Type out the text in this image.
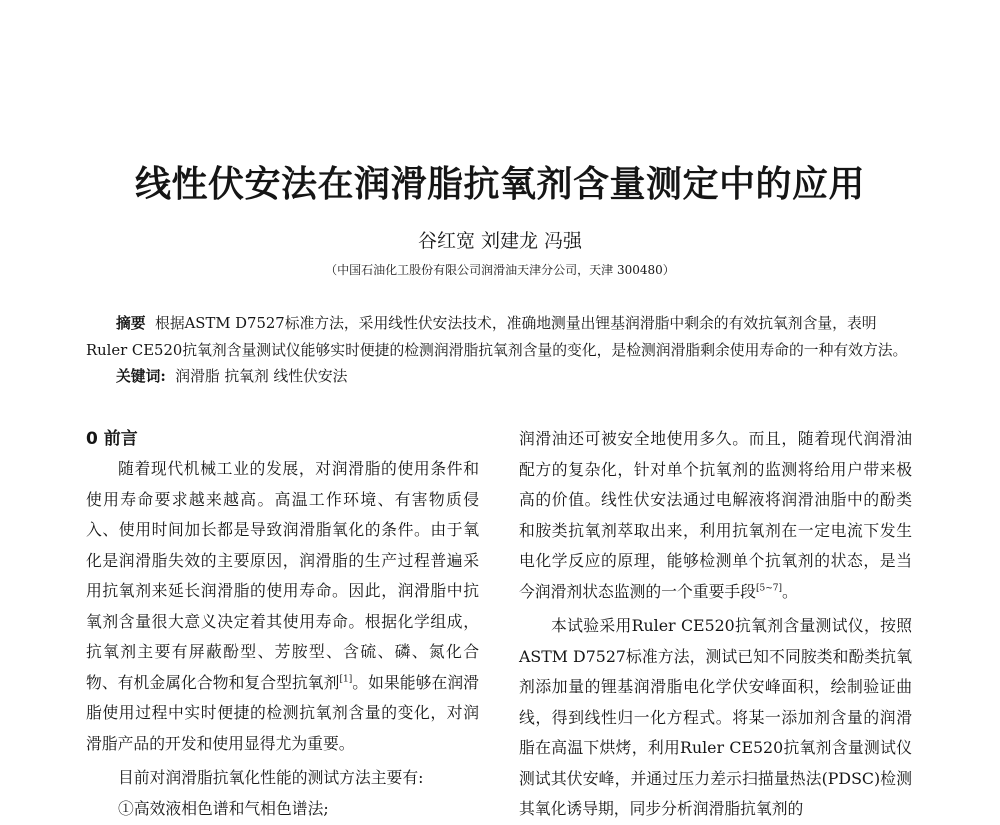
线性伏安法在润滑脂抗氧剂含量测定中的应用
谷红宽 刘建龙 冯强
（中国石油化工股份有限公司润滑油天津分公司，天津 300480）

摘要 根据ASTM D7527标准方法，采用线性伏安法技术，准确地测量出锂基润滑脂中剩余的有效抗氧剂含量，表明Ruler CE520抗氧剂含量测试仪能够实时便捷的检测润滑脂抗氧剂含量的变化，是检测润滑脂剩余使用寿命的一种有效方法。

关键词: 润滑脂 抗氧剂 线性伏安法
0 前言

随着现代机械工业的发展，对润滑脂的使用条件和使用寿命要求越来越高。高温工作环境、有害物质侵入、使用时间加长都是导致润滑脂氧化的条件。由于氧化是润滑脂失效的主要原因，润滑脂的生产过程普遍采用抗氧剂来延长润滑脂的使用寿命。因此，润滑脂中抗氧剂含量很大意义决定着其使用寿命。根据化学组成，抗氧剂主要有屏蔽酚型、芳胺型、含硫、磷、氮化合物、有机金属化合物和复合型抗氧剂[1]。如果能够在润滑脂使用过程中实时便捷的检测抗氧剂含量的变化，对润滑脂产品的开发和使用显得尤为重要。

目前对润滑脂抗氧化性能的测试方法主要有:

①高效液相色谱和气相色谱法;

润滑油还可被安全地使用多久。而且，随着现代润滑油配方的复杂化，针对单个抗氧剂的监测将给用户带来极高的价值。线性伏安法通过电解液将润滑油脂中的酚类和胺类抗氧剂萃取出来，利用抗氧剂在一定电流下发生电化学反应的原理，能够检测单个抗氧剂的状态，是当今润滑剂状态监测的一个重要手段[5~7]。

本试验采用Ruler CE520抗氧剂含量测试仪，按照ASTM D7527标准方法，测试已知不同胺类和酚类抗氧剂添加量的锂基润滑脂电化学伏安峰面积，绘制验证曲线，得到线性归一化方程式。将某一添加剂含量的润滑脂在高温下烘烤，利用Ruler CE520抗氧剂含量测试仪测试其伏安峰，并通过压力差示扫描量热法(PDSC)检测其氧化诱导期，同步分析润滑脂抗氧剂的
